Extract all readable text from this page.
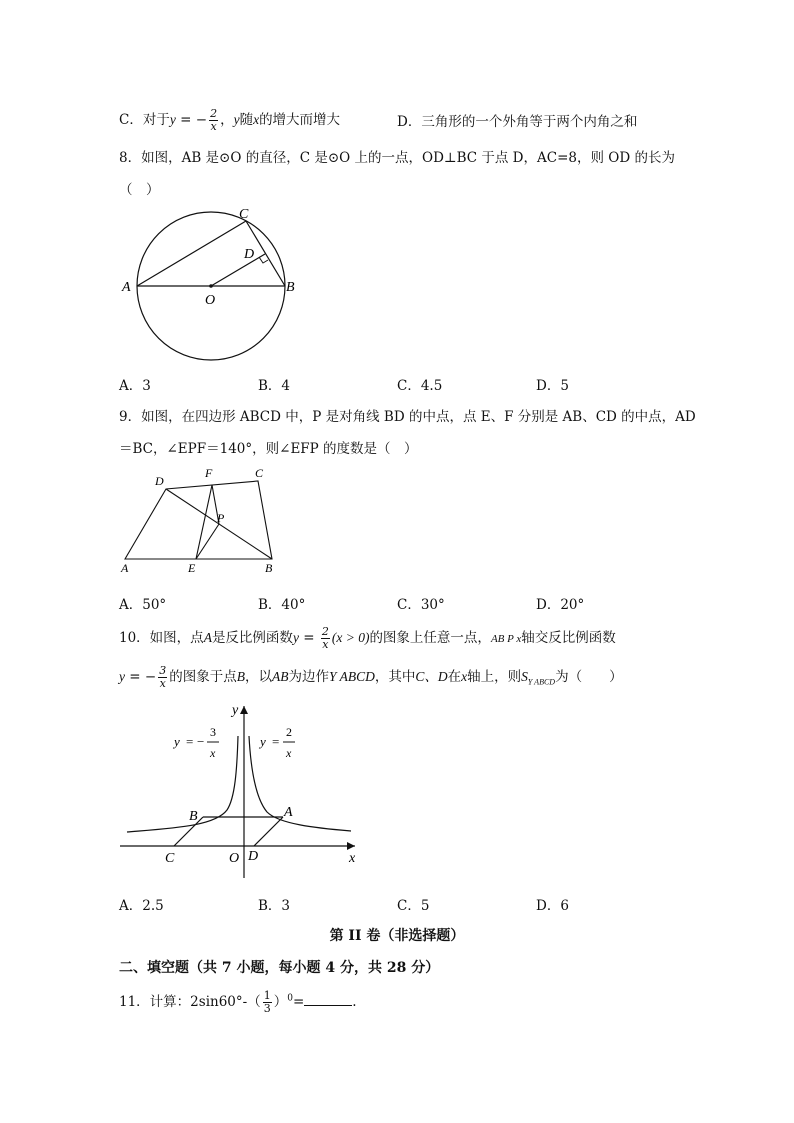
C．对于y = − $\frac{2}{x}$ ，y随x的增大而增大	D．三角形的一个外角等于两个内角之和
8．如图，AB 是⊙O 的直径，C 是⊙O 上的一点，OD⊥BC 于点 D，AC=8，则 OD 的长为
（　）
A	B
C
D
O
A．3	B．4	C．4.5	D．5
9．如图，在四边形 ABCD 中，P 是对角线 BD 的中点，点 E、F 分别是 AB、CD 的中点，AD
＝BC，∠EPF＝140°，则∠EFP 的度数是（　）
A	B
C
D
E
F
P
A．50°	B．40°	C．30°	D．20°
10．如图，点A是反比例函数$y = \frac{2}{x} (x > 0)$的图象上任意一点，AB P x轴交反比例函数
y = − $\frac{3}{x}$ 的图象于点B，以AB为边作Y ABCD，其中C、D在x轴上，则$S_{Y ABCD}$为（　　）
y
x
O
B	A
C	D
y = −
3
x
y =
2
x
A．2.5	B．3	C．5	D．6
第 II 卷（非选择题）
二、填空题（共 7 小题，每小题 4 分，共 28 分）
11．计算：$2\sin 60^\circ-( \frac{1}{3} )^0=$	.
